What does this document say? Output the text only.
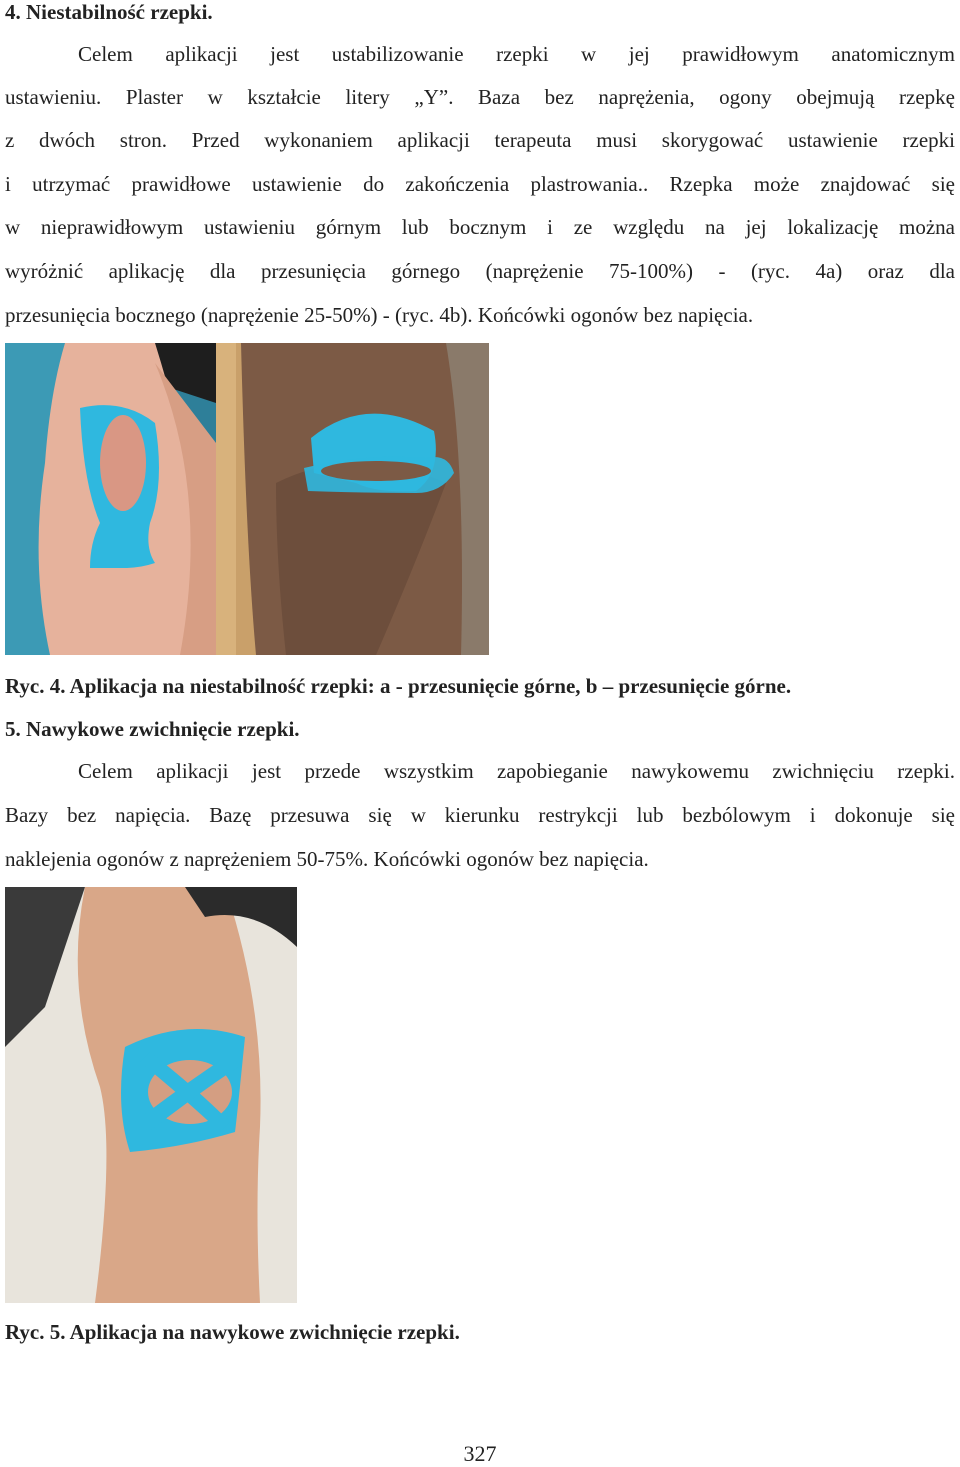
4. Niestabilność rzepki.
Celem aplikacji jest ustabilizowanie rzepki w jej prawidłowym anatomicznym
ustawieniu. Plaster w kształcie litery „Y”. Baza bez naprężenia, ogony obejmują rzepkę
z dwóch stron. Przed wykonaniem aplikacji terapeuta musi skorygować ustawienie rzepki
i utrzymać prawidłowe ustawienie do zakończenia plastrowania.. Rzepka może znajdować się
w nieprawidłowym ustawieniu górnym lub bocznym i ze względu na jej lokalizację można
wyróżnić aplikację dla przesunięcia górnego (naprężenie 75-100%) - (ryc. 4a) oraz dla
przesunięcia bocznego (naprężenie 25-50%) - (ryc. 4b). Końcówki ogonów bez napięcia.
Ryc. 4. Aplikacja na niestabilność rzepki: a - przesunięcie górne, b – przesunięcie górne.
5. Nawykowe zwichnięcie rzepki.
Celem aplikacji jest przede wszystkim zapobieganie nawykowemu zwichnięciu rzepki.
Bazy bez napięcia. Bazę przesuwa się w kierunku restrykcji lub bezbólowym i dokonuje się
naklejenia ogonów z naprężeniem 50-75%. Końcówki ogonów bez napięcia.
Ryc. 5. Aplikacja na nawykowe zwichnięcie rzepki.
327
